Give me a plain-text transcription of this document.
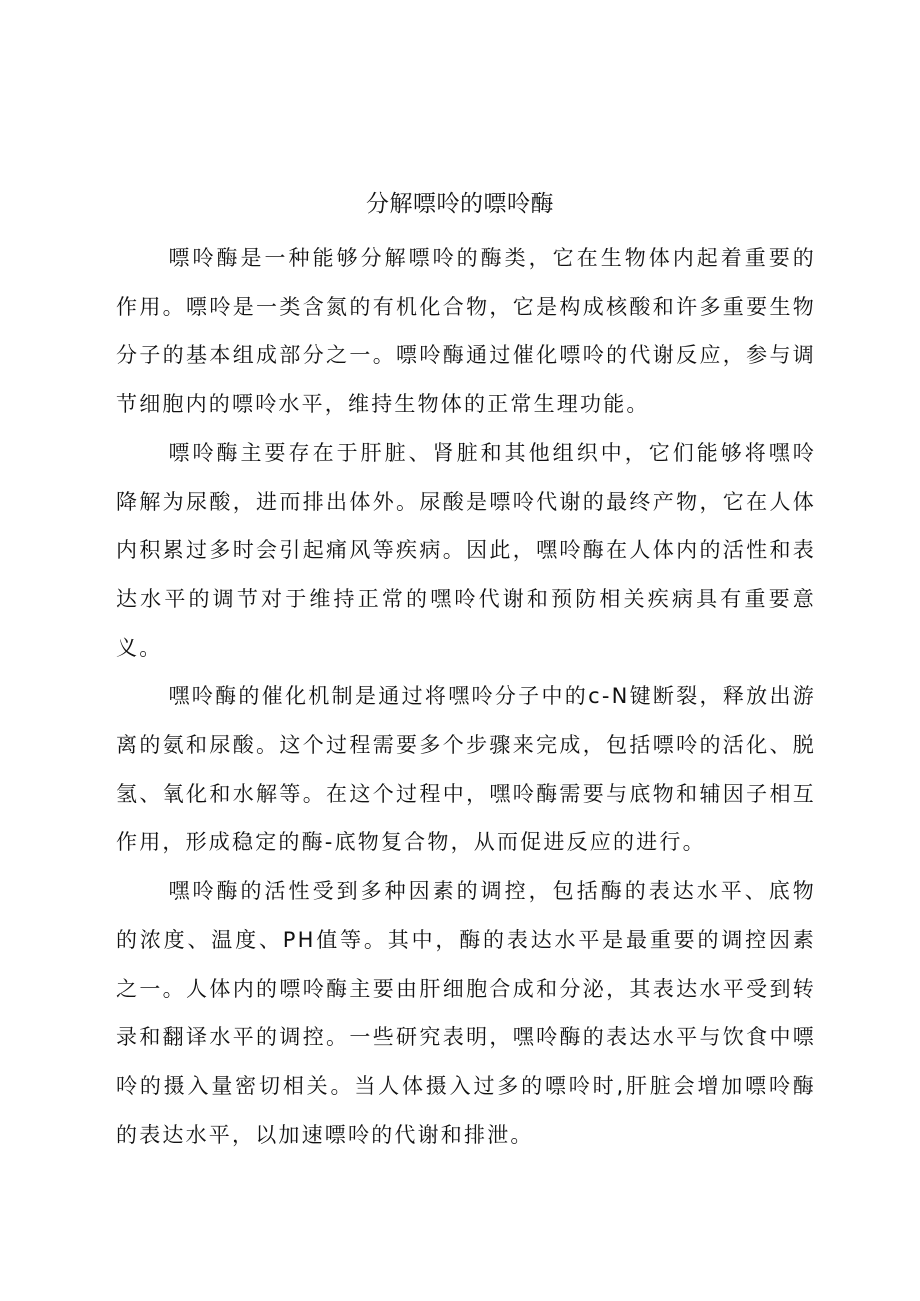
分解嘌呤的嘌呤酶

嘌呤酶是一种能够分解嘌呤的酶类，它在生物体内起着重要的作用。嘌呤是一类含氮的有机化合物，它是构成核酸和许多重要生物分子的基本组成部分之一。嘌呤酶通过催化嘌呤的代谢反应，参与调节细胞内的嘌呤水平，维持生物体的正常生理功能。

嘌呤酶主要存在于肝脏、肾脏和其他组织中，它们能够将嘿呤降解为尿酸，进而排出体外。尿酸是嘌呤代谢的最终产物，它在人体内积累过多时会引起痛风等疾病。因此，嘿呤酶在人体内的活性和表达水平的调节对于维持正常的嘿呤代谢和预防相关疾病具有重要意义。

嘿呤酶的催化机制是通过将嘿呤分子中的c-N键断裂，释放出游离的氨和尿酸。这个过程需要多个步骤来完成，包括嘌呤的活化、脱氢、氧化和水解等。在这个过程中，嘿呤酶需要与底物和辅因子相互作用，形成稳定的酶-底物复合物，从而促进反应的进行。

嘿呤酶的活性受到多种因素的调控，包括酶的表达水平、底物的浓度、温度、PH值等。其中，酶的表达水平是最重要的调控因素之一。人体内的嘌呤酶主要由肝细胞合成和分泌，其表达水平受到转录和翻译水平的调控。一些研究表明，嘿呤酶的表达水平与饮食中嘌呤的摄入量密切相关。当人体摄入过多的嘌呤时,肝脏会增加嘌呤酶的表达水平，以加速嘌呤的代谢和排泄。
